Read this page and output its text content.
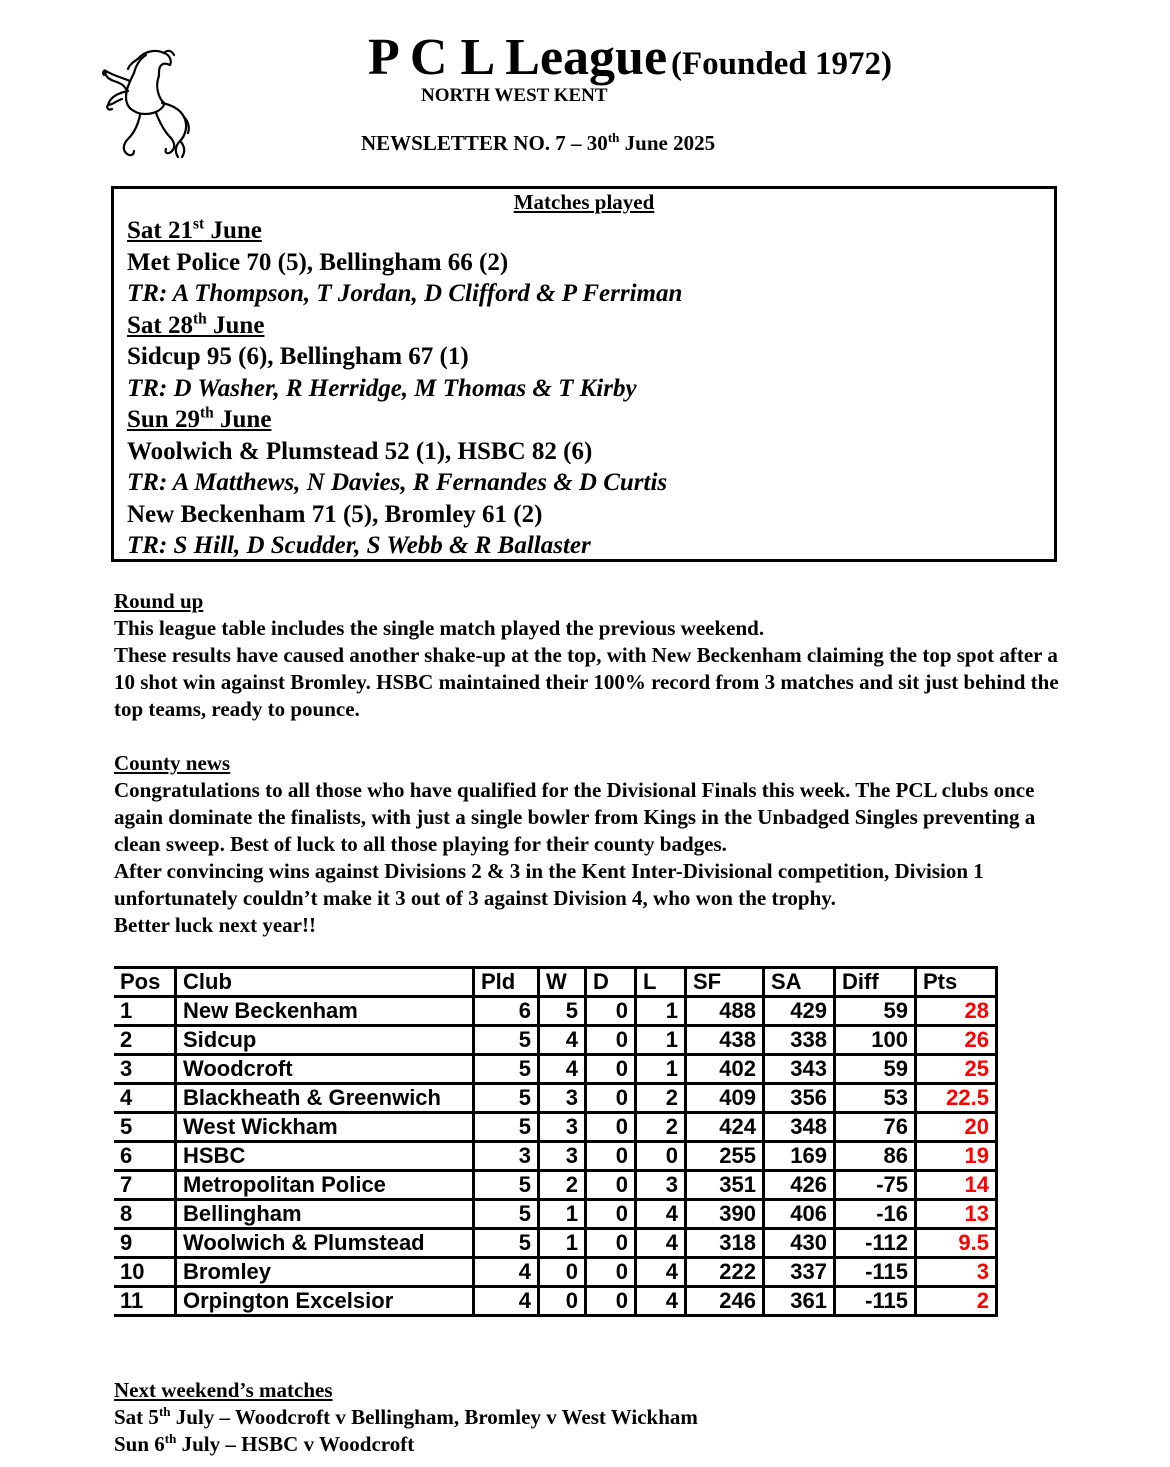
P C L League (Founded 1972)
NORTH WEST KENT
NEWSLETTER NO. 7 – 30th June 2025
Matches played
Sat 21st June
Met Police 70 (5), Bellingham 66 (2)
TR: A Thompson, T Jordan, D Clifford & P Ferriman
Sat 28th June
Sidcup 95 (6), Bellingham 67 (1)
TR: D Washer, R Herridge, M Thomas & T Kirby
Sun 29th June
Woolwich & Plumstead 52 (1), HSBC 82 (6)
TR: A Matthews, N Davies, R Fernandes & D Curtis
New Beckenham 71 (5), Bromley 61 (2)
TR: S Hill, D Scudder, S Webb & R Ballaster
Round up
This league table includes the single match played the previous weekend.
These results have caused another shake-up at the top, with New Beckenham claiming the top spot after a 10 shot win against Bromley. HSBC maintained their 100% record from 3 matches and sit just behind the top teams, ready to pounce.
County news
Congratulations to all those who have qualified for the Divisional Finals this week. The PCL clubs once again dominate the finalists, with just a single bowler from Kings in the Unbadged Singles preventing a clean sweep. Best of luck to all those playing for their county badges.
After convincing wins against Divisions 2 & 3 in the Kent Inter-Divisional competition, Division 1 unfortunately couldn’t make it 3 out of 3 against Division 4, who won the trophy.
Better luck next year!!
Pos	Club	Pld	W	D	L	SF	SA	Diff	Pts
1	New Beckenham	6	5	0	1	488	429	59	28
2	Sidcup	5	4	0	1	438	338	100	26
3	Woodcroft	5	4	0	1	402	343	59	25
4	Blackheath & Greenwich	5	3	0	2	409	356	53	22.5
5	West Wickham	5	3	0	2	424	348	76	20
6	HSBC	3	3	0	0	255	169	86	19
7	Metropolitan Police	5	2	0	3	351	426	-75	14
8	Bellingham	5	1	0	4	390	406	-16	13
9	Woolwich & Plumstead	5	1	0	4	318	430	-112	9.5
10	Bromley	4	0	0	4	222	337	-115	3
11	Orpington Excelsior	4	0	0	4	246	361	-115	2
Next weekend’s matches
Sat 5th July – Woodcroft v Bellingham, Bromley v West Wickham
Sun 6th July – HSBC v Woodcroft
